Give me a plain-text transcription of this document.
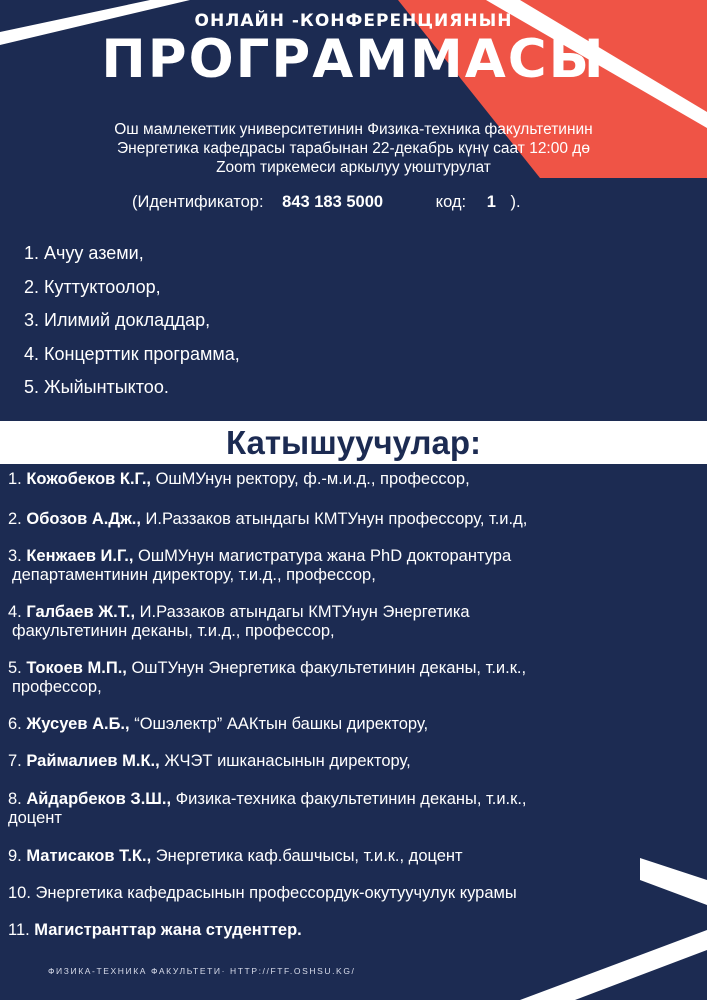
ОНЛАЙН -КОНФЕРЕНЦИЯНЫН

ПРОГРАММАСЫ
Ош мамлекеттик университетинин Физика-техника факультетинин
Энергетика кафедрасы тарабынан 22-декабрь күнү саат 12:00 дө
Zoom тиркемеси аркылуу уюштурулат
(Идентификатор: 843 183 5000	код: 1 ).
1. Ачуу аземи,
2. Куттуктоолор,
3. Илимий докладдар,
4. Концерттик программа,
5. Жыйынтыктоо.
Катышуучулар:
1. Кожобеков К.Г., ОшМУнун ректору, ф.-м.и.д., профессор,
2. Обозов А.Дж., И.Раззаков атындагы КМТУнун профессору, т.и.д,
3. Кенжаев И.Г., ОшМУнун магистратура жана PhD докторантура
департаментинин директору, т.и.д., профессор,
4. Галбаев Ж.Т., И.Раззаков атындагы КМТУнун Энергетика
факультетинин деканы, т.и.д., профессор,
5. Токоев М.П., ОшТУнун Энергетика факультетинин деканы, т.и.к.,
профессор,
6. Жусуев А.Б., “Ошэлектр” ААКтын башкы директору,
7. Раймалиев М.К., ЖЧЭТ ишканасынын директору,
8. Айдарбеков З.Ш., Физика-техника факультетинин деканы, т.и.к.,
доцент
9. Матисаков Т.К., Энергетика каф.башчысы, т.и.к., доцент
10. Энергетика кафедрасынын профессордук-окутуучулук курамы
11. Магистранттар жана студенттер.
ФИЗИКА-ТЕХНИКА ФАКУЛЬТЕТИ· HTTP://FTF.OSHSU.KG/
